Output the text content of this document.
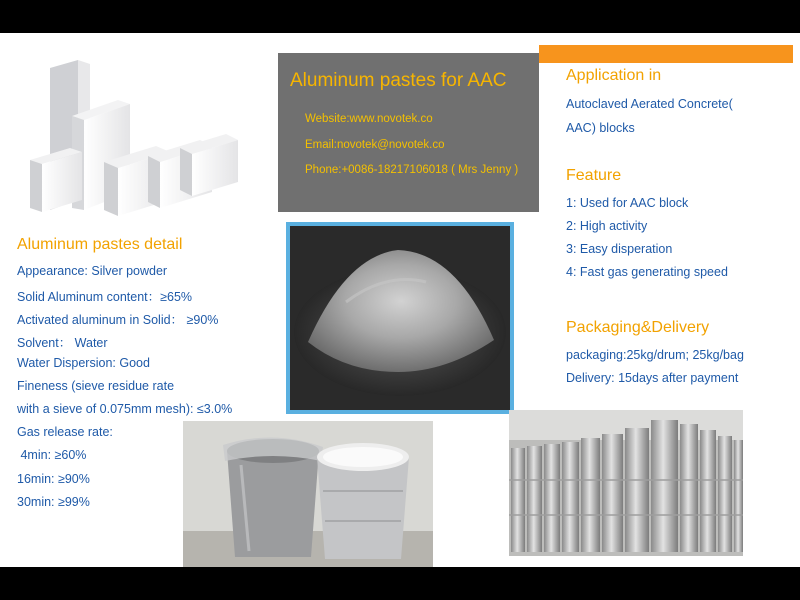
Aluminum pastes for AAC
Website:www.novotek.co
Email:novotek@novotek.co
Phone:+0086-18217106018 ( Mrs Jenny )
Application in
Autoclaved Aerated Concrete(
AAC) blocks
Feature
1: Used for AAC block
2: High activity
3: Easy disperation
4: Fast gas generating speed
Packaging&Delivery
packaging:25kg/drum; 25kg/bag
Delivery: 15days after payment
Aluminum pastes detail
Appearance: Silver powder
Solid Aluminum content：≥65%
Activated aluminum in Solid： ≥90%
Solvent： Water
Water Dispersion: Good
Fineness (sieve residue rate
with a sieve of 0.075mm mesh): ≤3.0%
Gas release rate:
4min: ≥60%
16min: ≥90%
30min: ≥99%
